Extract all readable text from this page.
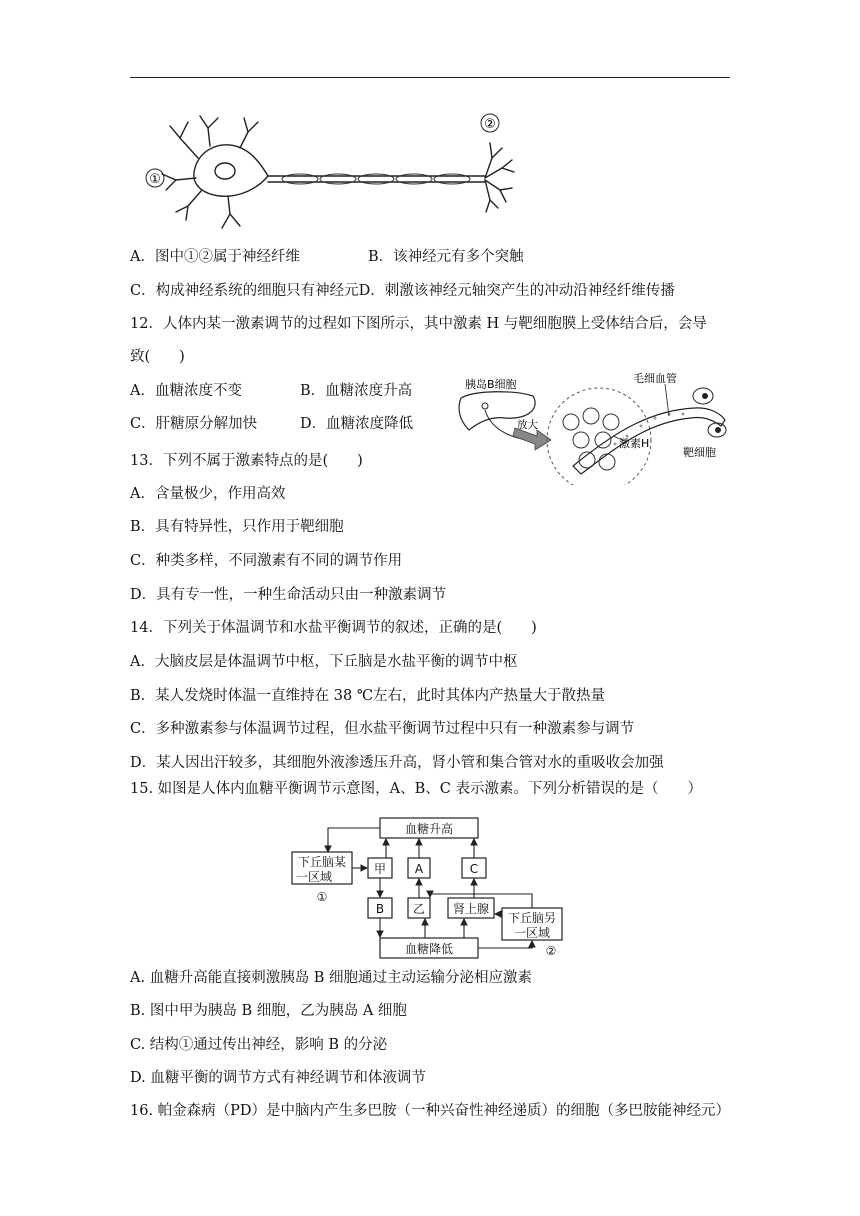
①
②
A．图中①②属于神经纤维	B．该神经元有多个突触
C．构成神经系统的细胞只有神经元D．刺激该神经元轴突产生的冲动沿神经纤维传播
12．人体内某一激素调节的过程如下图所示，其中激素 H 与靶细胞膜上受体结合后，会导
致(　　)
A．血糖浓度不变	B．血糖浓度升高
C．肝糖原分解加快	D．血糖浓度降低	放大
胰岛B细胞	毛细血管
激素H
靶细胞
13．下列不属于激素特点的是(　　)
A．含量极少，作用高效
B．具有特异性，只作用于靶细胞
C．种类多样，不同激素有不同的调节作用
D．具有专一性，一种生命活动只由一种激素调节
14．下列关于体温调节和水盐平衡调节的叙述，正确的是(　　)
A．大脑皮层是体温调节中枢，下丘脑是水盐平衡的调节中枢
B．某人发烧时体温一直维持在 38 ℃左右，此时其体内产热量大于散热量
C．多种激素参与体温调节过程，但水盐平衡调节过程中只有一种激素参与调节
D．某人因出汗较多，其细胞外液渗透压升高，肾小管和集合管对水的重吸收会加强
15. 如图是人体内血糖平衡调节示意图，A、B、C 表示激素。下列分析错误的是（　　）
血糖升高
下丘脑某
一区域
①
甲 A	C
B 乙 肾上腺
下丘脑另
一区域
②
血糖降低
A. 血糖升高能直接刺激胰岛 B 细胞通过主动运输分泌相应激素
B. 图中甲为胰岛 B 细胞，乙为胰岛 A 细胞
C. 结构①通过传出神经，影响 B 的分泌
D. 血糖平衡的调节方式有神经调节和体液调节
16. 帕金森病（PD）是中脑内产生多巴胺（一种兴奋性神经递质）的细胞（多巴胺能神经元）
